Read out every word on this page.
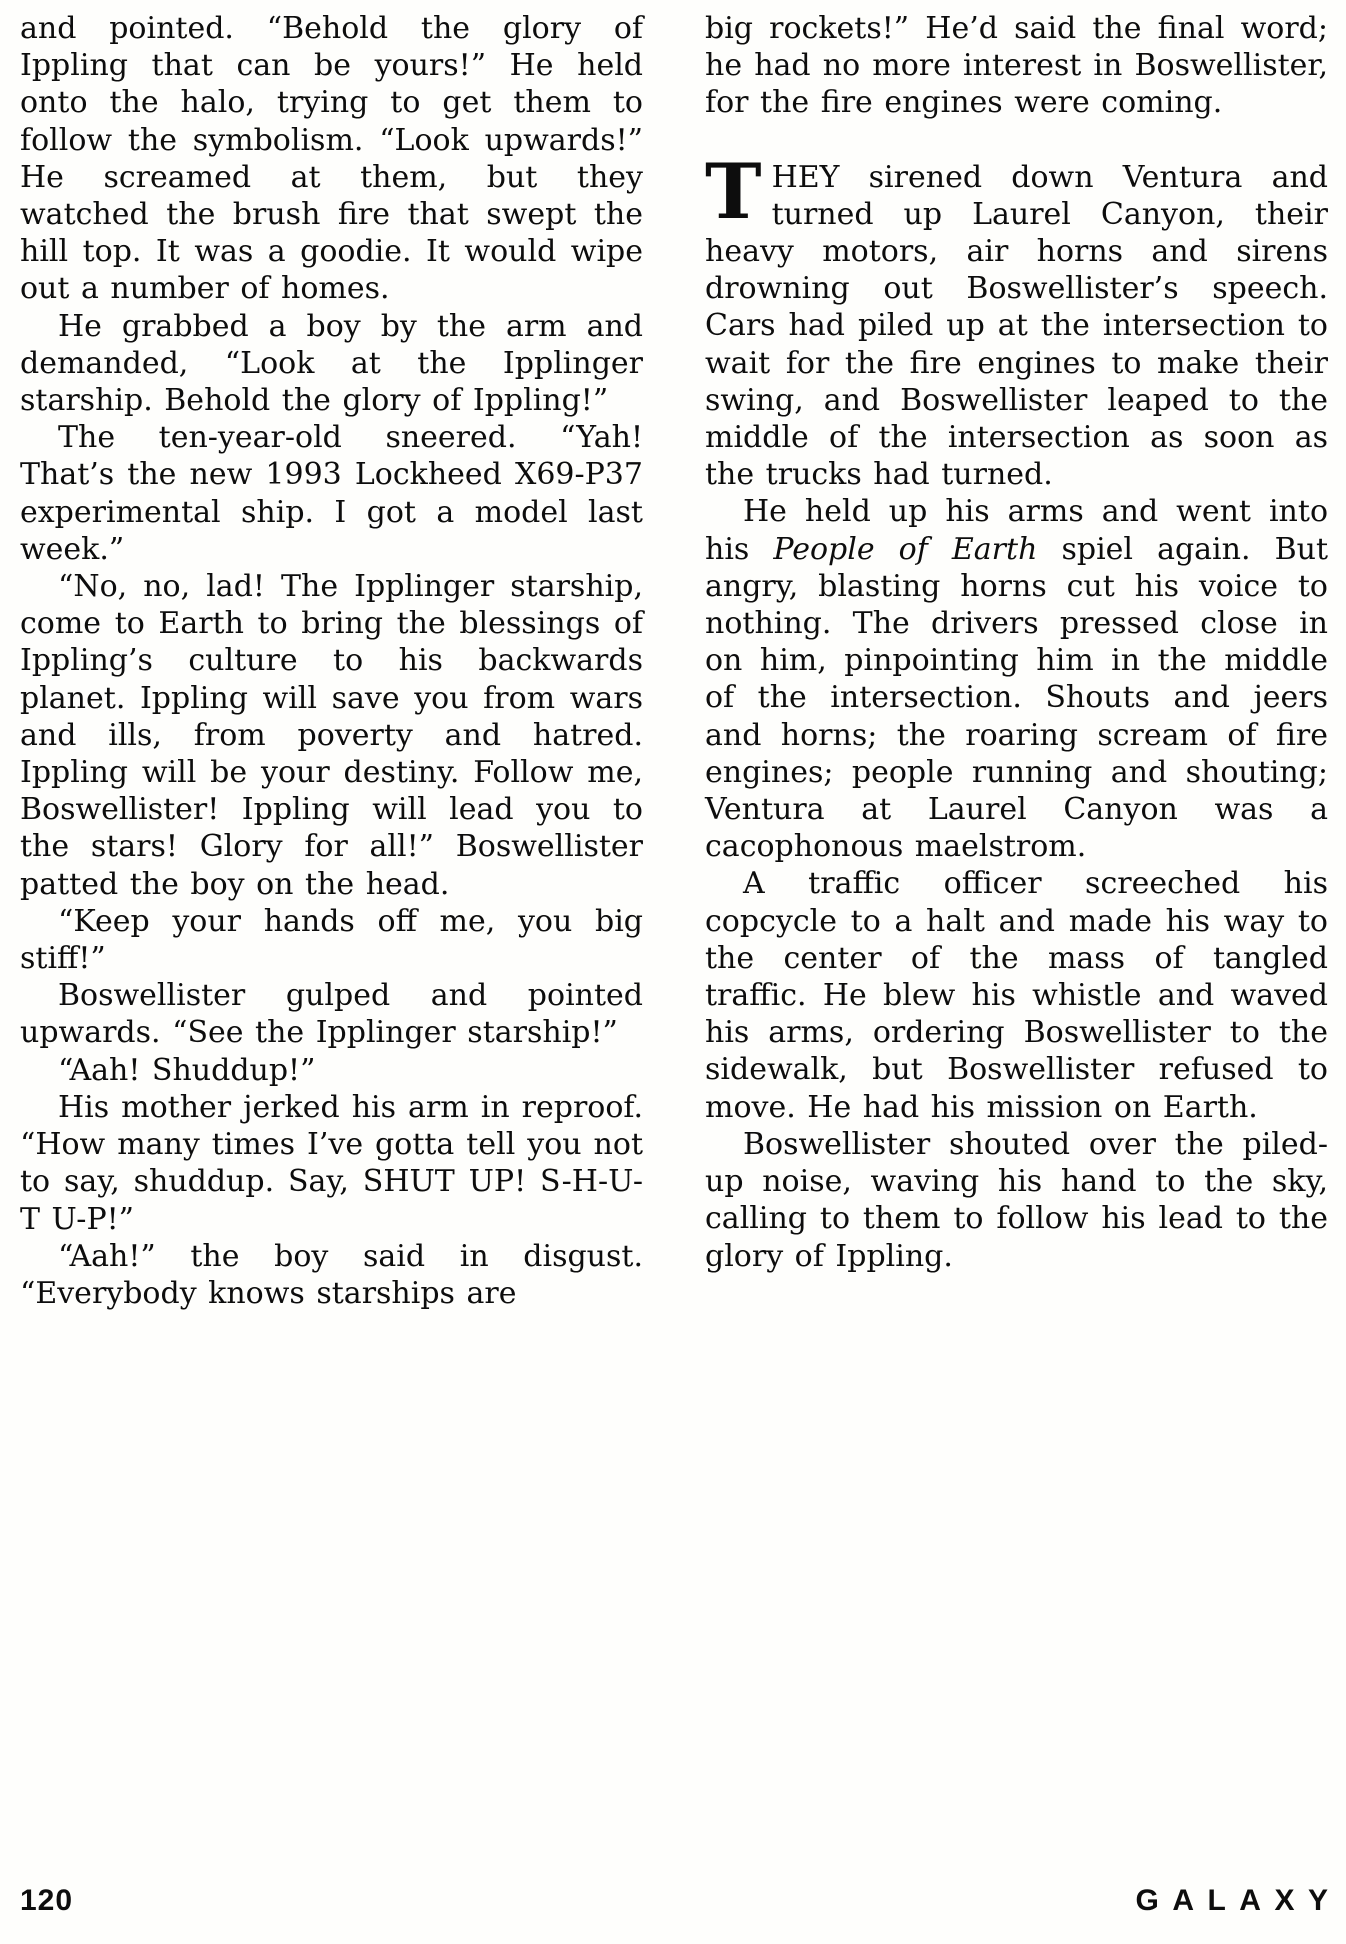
and pointed. “Behold the glory of Ippling that can be yours!” He held onto the halo, trying to get them to follow the symbolism. “Look upwards!” He screamed at them, but they watched the brush fire that swept the hill top. It was a goodie. It would wipe out a number of homes.

He grabbed a boy by the arm and demanded, “Look at the Ipplinger starship. Behold the glory of Ippling!”

The ten-year-old sneered. “Yah! That’s the new 1993 Lockheed X69-P37 experimental ship. I got a model last week.”

“No, no, lad! The Ipplinger starship, come to Earth to bring the blessings of Ippling’s culture to his backwards planet. Ippling will save you from wars and ills, from poverty and hatred. Ippling will be your destiny. Follow me, Boswellister! Ippling will lead you to the stars! Glory for all!” Boswellister patted the boy on the head.

“Keep your hands off me, you big stiff!”

Boswellister gulped and pointed upwards. “See the Ipplinger starship!”

“Aah! Shuddup!”

His mother jerked his arm in reproof. “How many times I’ve gotta tell you not to say, shuddup. Say, SHUT UP! S-H-U-T U-P!”

“Aah!” the boy said in disgust. “Everybody knows starships are

big rockets!” He’d said the final word; he had no more interest in Boswellister, for the fire engines were coming.

THEY sirened down Ventura and turned up Laurel Canyon, their heavy motors, air horns and sirens drowning out Boswellister’s speech. Cars had piled up at the intersection to wait for the fire engines to make their swing, and Boswellister leaped to the middle of the intersection as soon as the trucks had turned.

He held up his arms and went into his People of Earth spiel again. But angry, blasting horns cut his voice to nothing. The drivers pressed close in on him, pinpointing him in the middle of the intersection. Shouts and jeers and horns; the roaring scream of fire engines; people running and shouting; Ventura at Laurel Canyon was a cacophonous maelstrom.

A traffic officer screeched his copcycle to a halt and made his way to the center of the mass of tangled traffic. He blew his whistle and waved his arms, ordering Boswellister to the sidewalk, but Boswellister refused to move. He had his mission on Earth.

Boswellister shouted over the piled-up noise, waving his hand to the sky, calling to them to follow his lead to the glory of Ippling.

120	GALAXY
